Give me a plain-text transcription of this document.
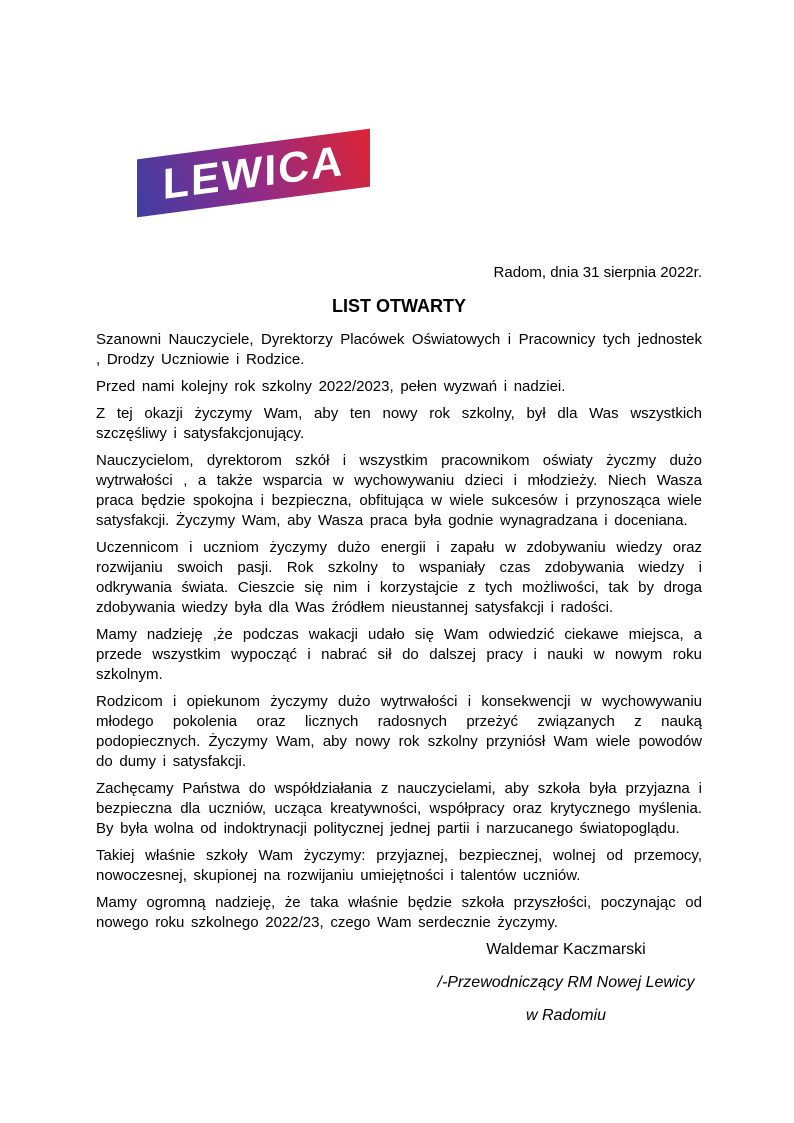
LEWICA
Radom, dnia 31 sierpnia 2022r.
LIST OTWARTY

Szanowni Nauczyciele, Dyrektorzy Placówek Oświatowych i Pracownicy tych jednostek , Drodzy Uczniowie i Rodzice.

Przed nami kolejny rok szkolny 2022/2023, pełen wyzwań i nadziei.

Z tej okazji życzymy Wam, aby ten nowy rok szkolny, był dla Was wszystkich szczęśliwy i satysfakcjonujący.

Nauczycielom, dyrektorom szkół i wszystkim pracownikom oświaty życzmy dużo wytrwałości , a także wsparcia w wychowywaniu dzieci i młodzieży. Niech Wasza praca będzie spokojna i bezpieczna, obfitująca w wiele sukcesów i przynosząca wiele satysfakcji. Życzymy Wam, aby Wasza praca była godnie wynagradzana i doceniana.

Uczennicom i uczniom życzymy dużo energii i zapału w zdobywaniu wiedzy oraz rozwijaniu swoich pasji. Rok szkolny to wspaniały czas zdobywania wiedzy i odkrywania świata. Cieszcie się nim i korzystajcie z tych możliwości, tak by droga zdobywania wiedzy była dla Was źródłem nieustannej satysfakcji i radości.

Mamy nadzieję ,że podczas wakacji udało się Wam odwiedzić ciekawe miejsca, a przede wszystkim wypocząć i nabrać sił do dalszej pracy i nauki w nowym roku szkolnym.

Rodzicom i opiekunom życzymy dużo wytrwałości i konsekwencji w wychowywaniu młodego pokolenia oraz licznych radosnych przeżyć związanych z nauką podopiecznych. Życzymy Wam, aby nowy rok szkolny przyniósł Wam wiele powodów do dumy i satysfakcji.

Zachęcamy Państwa do współdziałania z nauczycielami, aby szkoła była przyjazna i bezpieczna dla uczniów, ucząca kreatywności, współpracy oraz krytycznego myślenia. By była wolna od indoktrynacji politycznej jednej partii i narzucanego światopoglądu.

Takiej właśnie szkoły Wam życzymy: przyjaznej, bezpiecznej, wolnej od przemocy, nowoczesnej, skupionej na rozwijaniu umiejętności i talentów uczniów.

Mamy ogromną nadzieję, że taka właśnie będzie szkoła przyszłości, poczynając od nowego roku szkolnego 2022/23, czego Wam serdecznie życzymy.

Waldemar Kaczmarski
/-Przewodniczący RM Nowej Lewicy
w Radomiu
